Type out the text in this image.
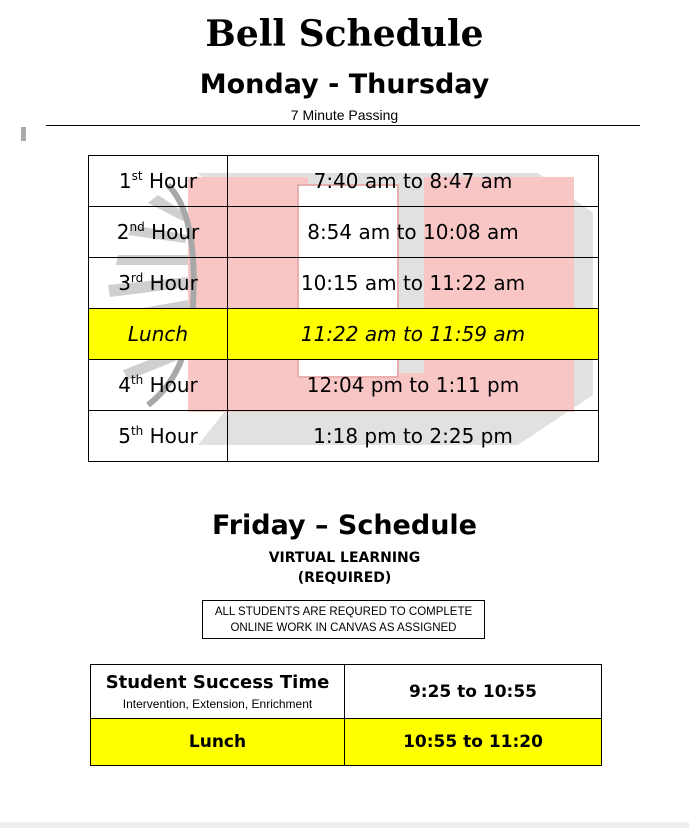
Bell Schedule
Monday - Thursday
7 Minute Passing
1st Hour	7:40 am to 8:47 am
2nd Hour	8:54 am to 10:08 am
3rd Hour	10:15 am to 11:22 am
Lunch	11:22 am to 11:59 am
4th Hour	12:04 pm to 1:11 pm
5th Hour	1:18 pm to 2:25 pm
Friday – Schedule
VIRTUAL LEARNING
(REQUIRED)
ALL STUDENTS ARE REQURED TO COMPLETE
ONLINE WORK IN CANVAS AS ASSIGNED
Student Success Time
Intervention, Extension, Enrichment	9:25 to 10:55
Lunch	10:55 to 11:20
